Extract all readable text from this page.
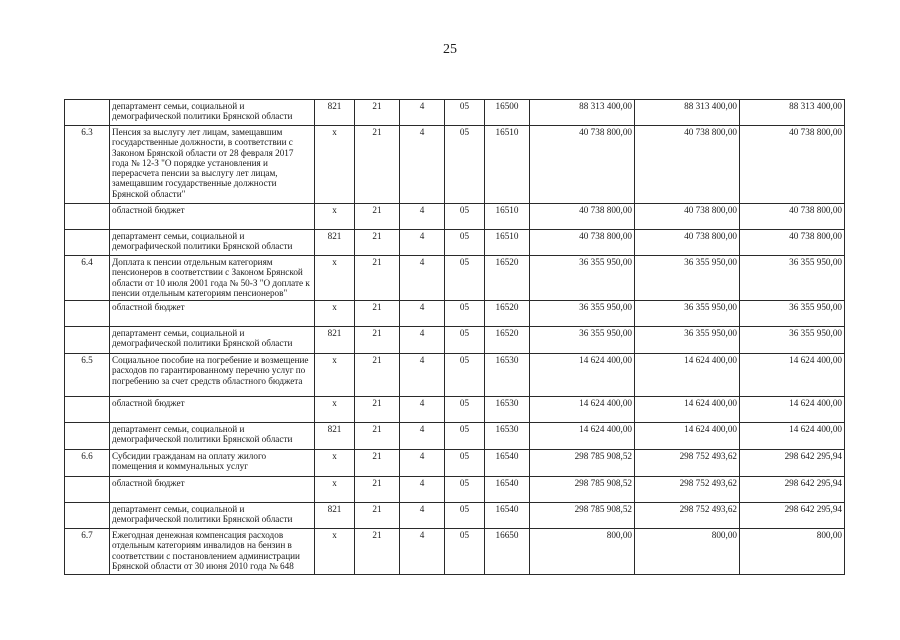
25
	департамент семьи, социальной и демографической политики Брянской области	821	21	4	05	16500	88 313 400,00	88 313 400,00	88 313 400,00
6.3	Пенсия за выслугу лет лицам, замещавшим государственные должности, в соответствии с Законом Брянской области от 28 февраля 2017 года № 12-З "О порядке установления и перерасчета пенсии за выслугу лет лицам, замещавшим государственные должности Брянской области"	х	21	4	05	16510	40 738 800,00	40 738 800,00	40 738 800,00
	областной бюджет	х	21	4	05	16510	40 738 800,00	40 738 800,00	40 738 800,00
	департамент семьи, социальной и демографической политики Брянской области	821	21	4	05	16510	40 738 800,00	40 738 800,00	40 738 800,00
6.4	Доплата к пенсии отдельным категориям пенсионеров в соответствии с Законом Брянской области от 10 июля 2001 года № 50-З "О доплате к пенсии отдельным категориям пенсионеров"	х	21	4	05	16520	36 355 950,00	36 355 950,00	36 355 950,00
	областной бюджет	х	21	4	05	16520	36 355 950,00	36 355 950,00	36 355 950,00
	департамент семьи, социальной и демографической политики Брянской области	821	21	4	05	16520	36 355 950,00	36 355 950,00	36 355 950,00
6.5	Социальное пособие на погребение и возмещение расходов по гарантированному перечню услуг по погребению за счет средств областного бюджета	х	21	4	05	16530	14 624 400,00	14 624 400,00	14 624 400,00
	областной бюджет	х	21	4	05	16530	14 624 400,00	14 624 400,00	14 624 400,00
	департамент семьи, социальной и демографической политики Брянской области	821	21	4	05	16530	14 624 400,00	14 624 400,00	14 624 400,00
6.6	Субсидии гражданам на оплату жилого помещения и коммунальных услуг	х	21	4	05	16540	298 785 908,52	298 752 493,62	298 642 295,94
	областной бюджет	х	21	4	05	16540	298 785 908,52	298 752 493,62	298 642 295,94
	департамент семьи, социальной и демографической политики Брянской области	821	21	4	05	16540	298 785 908,52	298 752 493,62	298 642 295,94
6.7	Ежегодная денежная компенсация расходов отдельным категориям инвалидов на бензин в соответствии с постановлением администрации Брянской области от 30 июня 2010 года № 648	х	21	4	05	16650	800,00	800,00	800,00
